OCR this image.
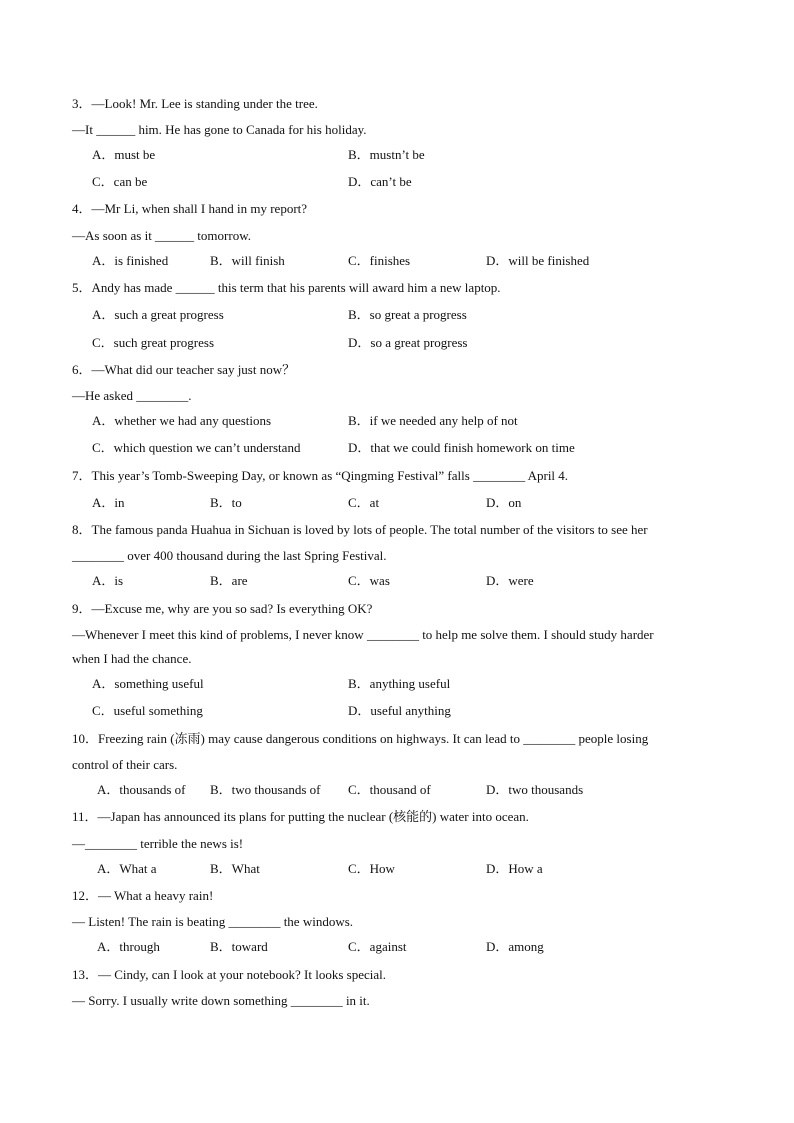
3．—Look! Mr. Lee is standing under the tree.
—It ______ him. He has gone to Canada for his holiday.
A．must be	B．mustn’t be
C．can be	D．can’t be
4．—Mr Li, when shall I hand in my report?
—As soon as it ______ tomorrow.
A．is finished	B．will finish	C．finishes	D．will be finished
5．Andy has made ______ this term that his parents will award him a new laptop.
A．such a great progress	B．so great a progress
C．such great progress	D．so a great progress
6．—What did our teacher say just now？
—He asked ________.
A．whether we had any questions	B．if we needed any help of not
C．which question we can’t understand	D．that we could finish homework on time
7．This year’s Tomb-Sweeping Day, or known as “Qingming Festival” falls ________ April 4.
A．in	B．to	C．at	D．on
8．The famous panda Huahua in Sichuan is loved by lots of people. The total number of the visitors to see her
________ over 400 thousand during the last Spring Festival.
A．is	B．are	C．was	D．were
9．—Excuse me, why are you so sad? Is everything OK?
—Whenever I meet this kind of problems, I never know ________ to help me solve them. I should study harder
when I had the chance.
A．something useful	B．anything useful
C．useful something	D．useful anything
10．Freezing rain (冻雨) may cause dangerous conditions on highways. It can lead to ________ people losing
control of their cars.
A．thousands of B．two thousands of C．thousand of	D．two thousands
11．—Japan has announced its plans for putting the nuclear (核能的) water into ocean.
—________ terrible the news is!
A．What a	B．What	C．How	D．How a
12．— What a heavy rain!
— Listen! The rain is beating ________ the windows.
A．through	B．toward	C．against	D．among
13．— Cindy, can I look at your notebook? It looks special.
— Sorry. I usually write down something ________ in it.
